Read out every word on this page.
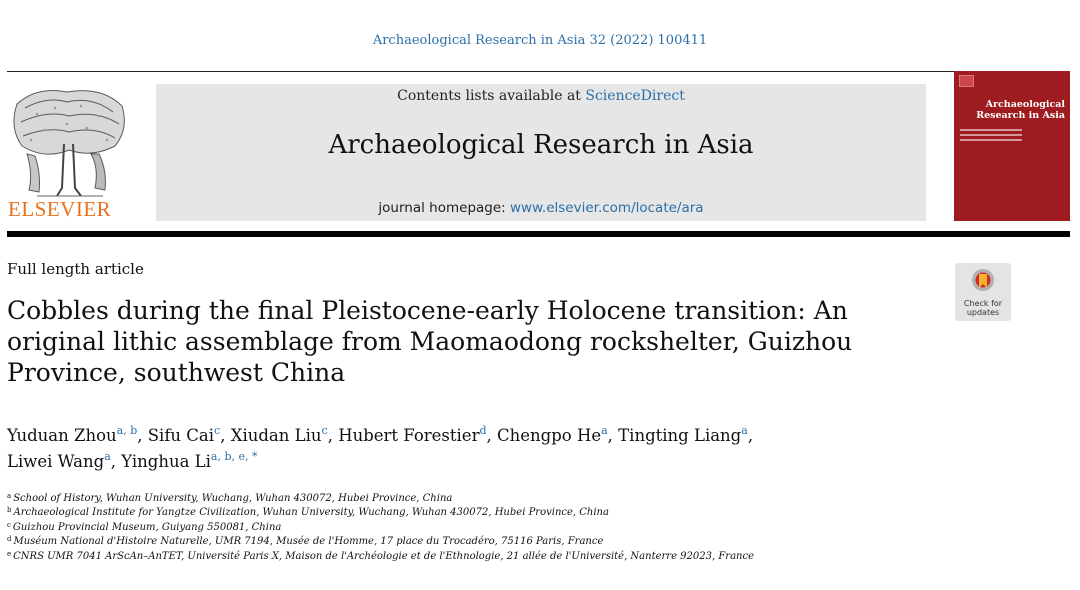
Archaeological Research in Asia 32 (2022) 100411
ELSEVIER
Contents lists available at ScienceDirect
Archaeological Research in Asia
journal homepage: www.elsevier.com/locate/ara
Archaeological Research in Asia
Full length article
Cobbles during the final Pleistocene-early Holocene transition: An original lithic assemblage from Maomaodong rockshelter, Guizhou Province, southwest China
Check for updates
Yuduan Zhou$^{a, b}$, Sifu Cai$^c$, Xiudan Liu$^c$, Hubert Forestier$^d$, Chengpo He$^a$, Tingting Liang$^a$,
Liwei Wang$^a$, Yinghua $Li^{a, b, e, *}$
$^a$ School of History, Wuhan University, Wuchang, Wuhan 430072, Hubei Province, China
$^b$ Archaeological Institute for Yangtze Civilization, Wuhan University, Wuchang, Wuhan 430072, Hubei Province, China
$^c$ Guizhou Provincial Museum, Guiyang 550081, China
$^d$ Muséum National d'Histoire Naturelle, UMR 7194, Musée de l'Homme, 17 place du Trocadéro, 75116 Paris, France
$^e$ CNRS UMR 7041 ArScAn–AnTET, Université Paris X, Maison de l'Archéologie et de l'Ethnologie, 21 allée de l'Université, Nanterre 92023, France
